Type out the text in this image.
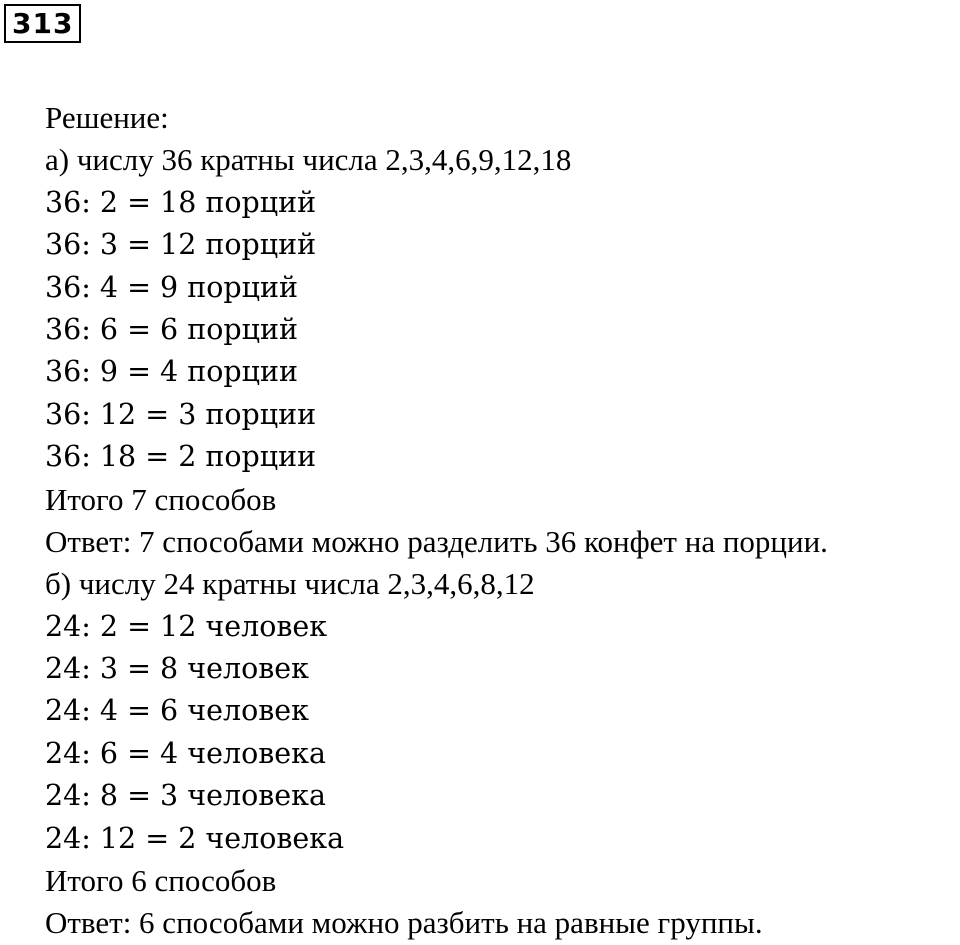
313
Решение:
а) числу 36 кратны числа 2,3,4,6,9,12,18
36: 2 = 18 порций
36: 3 = 12 порций
36: 4 = 9 порций
36: 6 = 6 порций
36: 9 = 4 порции
36: 12 = 3 порции
36: 18 = 2 порции
Итого 7 способов
Ответ: 7 способами можно разделить 36 конфет на порции.
б) числу 24 кратны числа 2,3,4,6,8,12
24: 2 = 12 человек
24: 3 = 8 человек
24: 4 = 6 человек
24: 6 = 4 человека
24: 8 = 3 человека
24: 12 = 2 человека
Итого 6 способов
Ответ: 6 способами можно разбить на равные группы.
